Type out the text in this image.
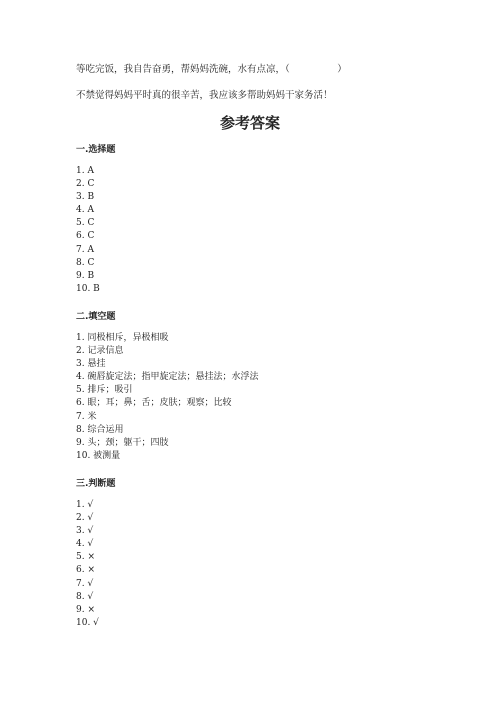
等吃完饭，我自告奋勇，帮妈妈洗碗，水有点凉，（　　　　　）
不禁觉得妈妈平时真的很辛苦，我应该多帮助妈妈干家务活！
参考答案
一.选择题
1. A
2. C
3. B
4. A
5. C
6. C
7. A
8. C
9. B
10. B
二.填空题
1. 同极相斥，异极相吸
2. 记录信息
3. 悬挂
4. 碗唇旋定法；指甲旋定法；悬挂法；水浮法
5. 排斥；吸引
6. 眼；耳；鼻；舌；皮肤；观察；比较
7. 米
8. 综合运用
9. 头；颈；躯干；四肢
10. 被测量
三.判断题
1. √
2. √
3. √
4. √
5. ×
6. ×
7. √
8. √
9. ×
10. √
